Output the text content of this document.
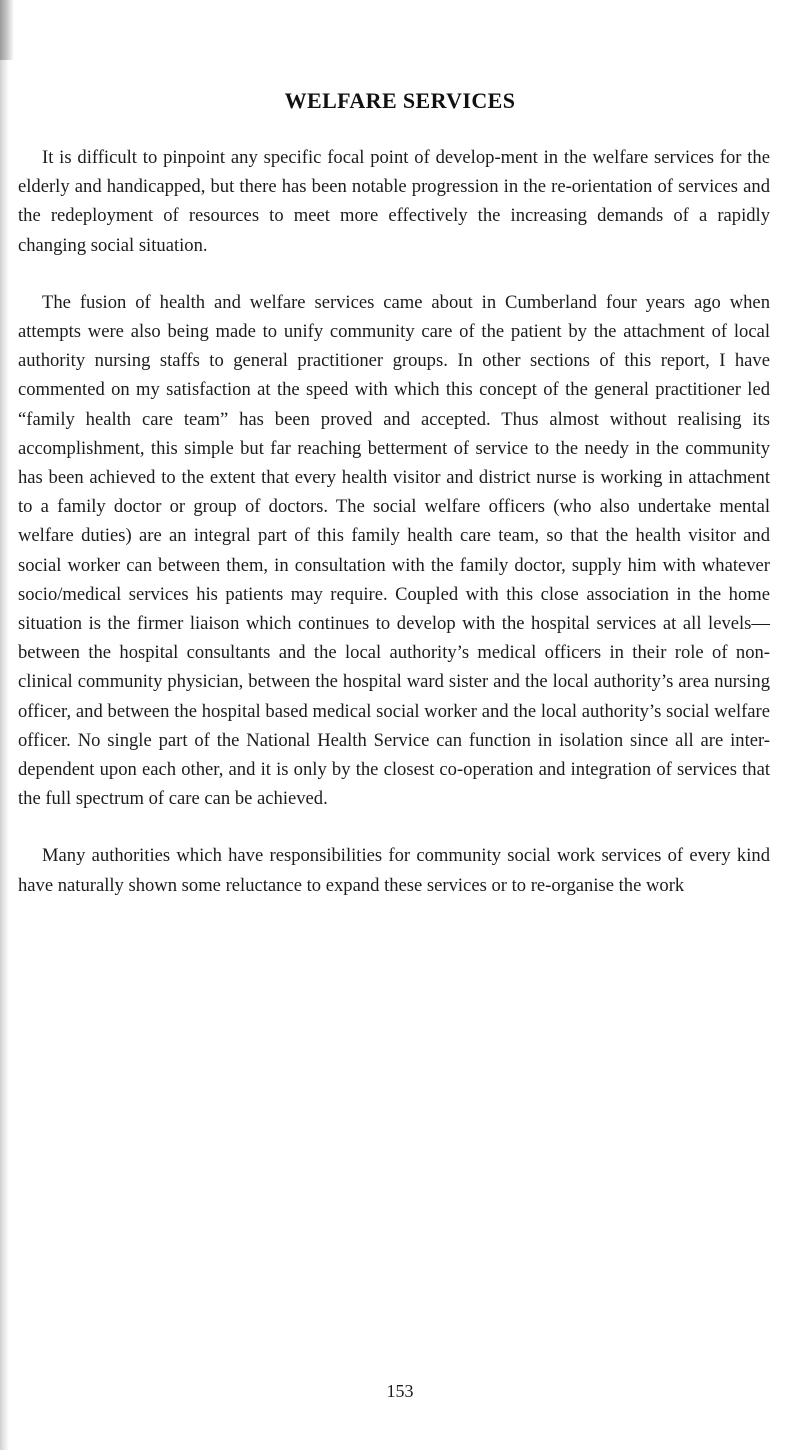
WELFARE SERVICES

It is difficult to pinpoint any specific focal point of develop-ment in the welfare services for the elderly and handicapped, but there has been notable progression in the re-orientation of services and the redeployment of resources to meet more effectively the increasing demands of a rapidly changing social situation.

The fusion of health and welfare services came about in Cumberland four years ago when attempts were also being made to unify community care of the patient by the attachment of local authority nursing staffs to general practitioner groups. In other sections of this report, I have commented on my satisfaction at the speed with which this concept of the general practitioner led “family health care team” has been proved and accepted. Thus almost without realising its accomplishment, this simple but far reaching betterment of service to the needy in the community has been achieved to the extent that every health visitor and district nurse is working in attachment to a family doctor or group of doctors. The social welfare officers (who also undertake mental welfare duties) are an integral part of this family health care team, so that the health visitor and social worker can between them, in consultation with the family doctor, supply him with whatever socio/medical services his patients may require. Coupled with this close association in the home situation is the firmer liaison which continues to develop with the hospital services at all levels— between the hospital consultants and the local authority’s medical officers in their role of non-clinical community physician, between the hospital ward sister and the local authority’s area nursing officer, and between the hospital based medical social worker and the local authority’s social welfare officer. No single part of the National Health Service can function in isolation since all are inter-dependent upon each other, and it is only by the closest co-operation and integration of services that the full spectrum of care can be achieved.

Many authorities which have responsibilities for community social work services of every kind have naturally shown some reluctance to expand these services or to re-organise the work

153
